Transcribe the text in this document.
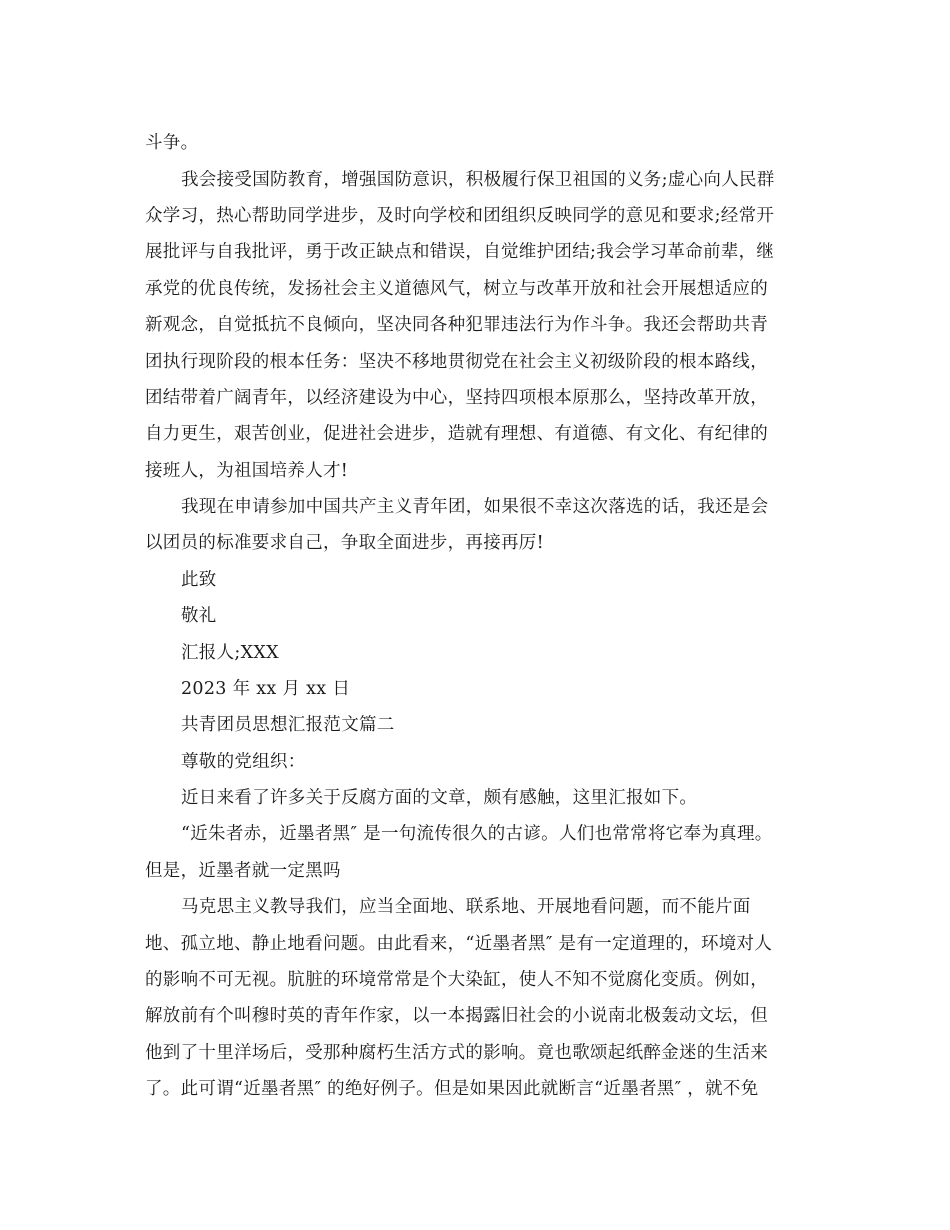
斗争。
我会接受国防教育，增强国防意识，积极履行保卫祖国的义务;虚心向人民群
众学习，热心帮助同学进步，及时向学校和团组织反映同学的意见和要求;经常开
展批评与自我批评，勇于改正缺点和错误，自觉维护团结;我会学习革命前辈，继
承党的优良传统，发扬社会主义道德风气，树立与改革开放和社会开展想适应的
新观念，自觉抵抗不良倾向，坚决同各种犯罪违法行为作斗争。我还会帮助共青
团执行现阶段的根本任务：坚决不移地贯彻党在社会主义初级阶段的根本路线，
团结带着广阔青年，以经济建设为中心，坚持四项根本原那么，坚持改革开放，
自力更生，艰苦创业，促进社会进步，造就有理想、有道德、有文化、有纪律的
接班人，为祖国培养人才!
我现在申请参加中国共产主义青年团，如果很不幸这次落选的话，我还是会
以团员的标准要求自己，争取全面进步，再接再厉!
此致
敬礼
汇报人;XXX
2023 年 xx 月 xx 日
共青团员思想汇报范文篇二
尊敬的党组织：
近日来看了许多关于反腐方面的文章，颇有感触，这里汇报如下。
“近朱者赤，近墨者黑″ 是一句流传很久的古谚。人们也常常将它奉为真理。
但是，近墨者就一定黑吗
马克思主义教导我们，应当全面地、联系地、开展地看问题，而不能片面
地、孤立地、静止地看问题。由此看来，“近墨者黑″ 是有一定道理的，环境对人
的影响不可无视。肮脏的环境常常是个大染缸，使人不知不觉腐化变质。例如，
解放前有个叫穆时英的青年作家，以一本揭露旧社会的小说南北极轰动文坛，但
他到了十里洋场后，受那种腐朽生活方式的影响。竟也歌颂起纸醉金迷的生活来
了。此可谓“近墨者黑″ 的绝好例子。但是如果因此就断言“近墨者黑″ ，就不免
